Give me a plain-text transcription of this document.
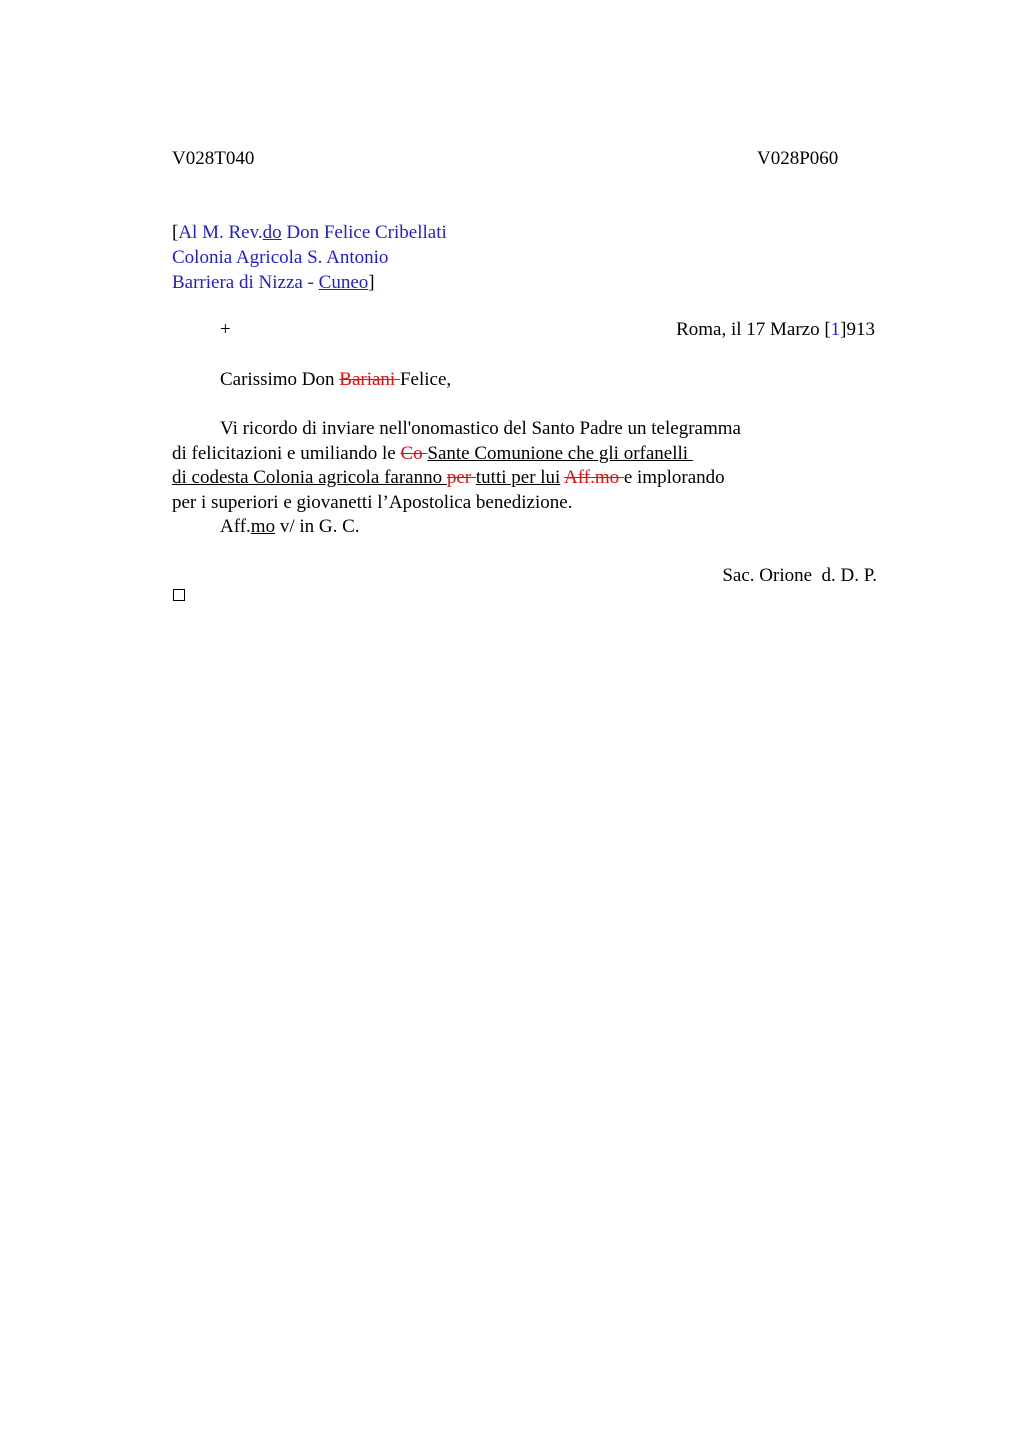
V028T040	V028P060
[Al M. Rev.do Don Felice Cribellati
Colonia Agricola S. Antonio
Barriera di Nizza - Cuneo]
+	Roma, il 17 Marzo [1]913
Carissimo Don Bariani Felice,
Vi ricordo di inviare nell'onomastico del Santo Padre un telegramma
di felicitazioni e umiliando le Co Sante Comunione che gli orfanelli
di codesta Colonia agricola faranno per tutti per lui Aff.mo e implorando
per i superiori e giovanetti l’Apostolica benedizione.
Aff.mo v/ in G. C.
Sac. Orione  d. D. P.
